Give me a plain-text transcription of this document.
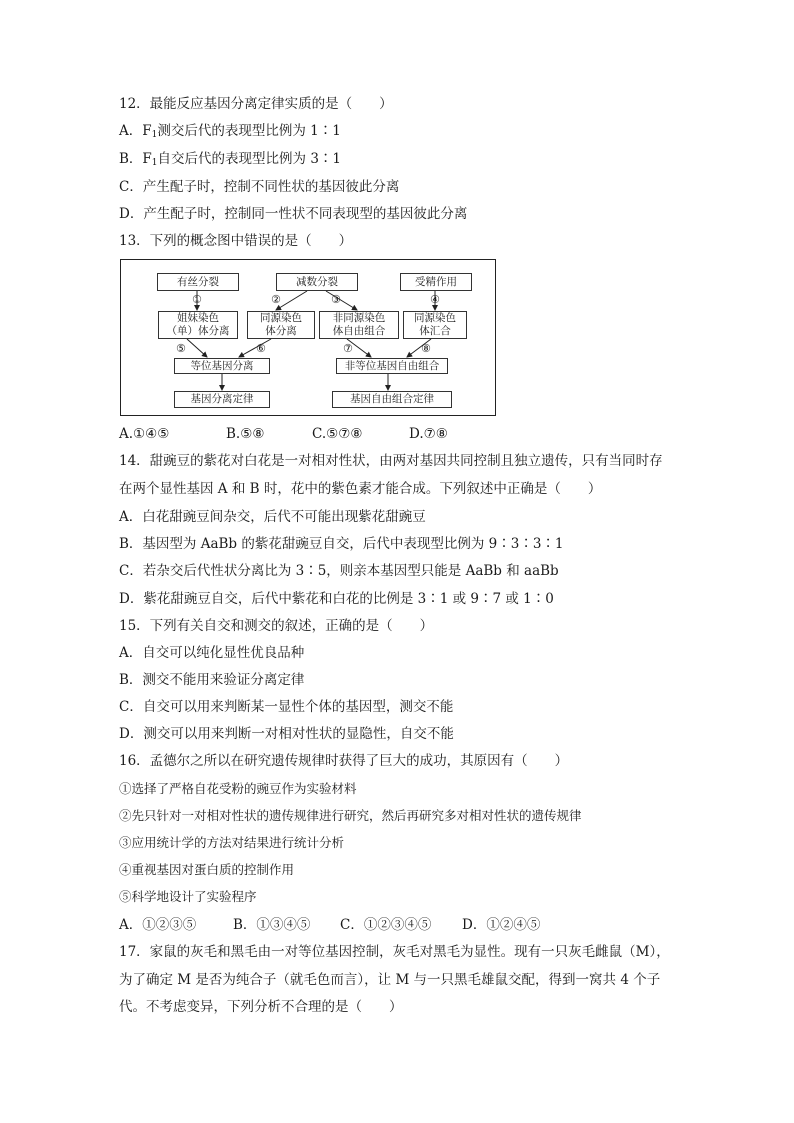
12．最能反应基因分离定律实质的是（　　）
A．$F_1$测交后代的表现型比例为 1∶1
B．$F_1$自交后代的表现型比例为 3∶1
C．产生配子时，控制不同性状的基因彼此分离
D．产生配子时，控制同一性状不同表现型的基因彼此分离
13．下列的概念图中错误的是（　　）
有丝分裂	减数分裂	受精作用
①	②	③	④
姐妹染色
（单）体分离
同源染色
体分离
非同源染色
体自由组合
同源染色
体汇合
⑤	⑥	⑦	⑧
等位基因分离	非等位基因自由组合
基因分离定律	基因自由组合定律
A.①④⑤	B.⑤⑧	C.⑤⑦⑧	D.⑦⑧
14．甜豌豆的紫花对白花是一对相对性状，由两对基因共同控制且独立遗传，只有当同时存
在两个显性基因 A 和 B 时，花中的紫色素才能合成。下列叙述中正确是（　　）
A．白花甜豌豆间杂交，后代不可能出现紫花甜豌豆
B．基因型为 AaBb 的紫花甜豌豆自交，后代中表现型比例为 9∶3∶3∶1
C．若杂交后代性状分离比为 3∶5，则亲本基因型只能是 AaBb 和 aaBb
D．紫花甜豌豆自交，后代中紫花和白花的比例是 3∶1 或 9∶7 或 1∶0
15．下列有关自交和测交的叙述，正确的是（　　）
A．自交可以纯化显性优良品种
B．测交不能用来验证分离定律
C．自交可以用来判断某一显性个体的基因型，测交不能
D．测交可以用来判断一对相对性状的显隐性，自交不能
16．孟德尔之所以在研究遗传规律时获得了巨大的成功，其原因有（　　）
①选择了严格自花受粉的豌豆作为实验材料
②先只针对一对相对性状的遗传规律进行研究，然后再研究多对相对性状的遗传规律
③应用统计学的方法对结果进行统计分析
④重视基因对蛋白质的控制作用
⑤科学地设计了实验程序
A．①②③⑤	B．①③④⑤ C．①②③④⑤ D．①②④⑤
17．家鼠的灰毛和黑毛由一对等位基因控制，灰毛对黑毛为显性。现有一只灰毛雌鼠（M），
为了确定 M 是否为纯合子（就毛色而言），让 M 与一只黑毛雄鼠交配，得到一窝共 4 个子
代。不考虑变异，下列分析不合理的是（　　）
